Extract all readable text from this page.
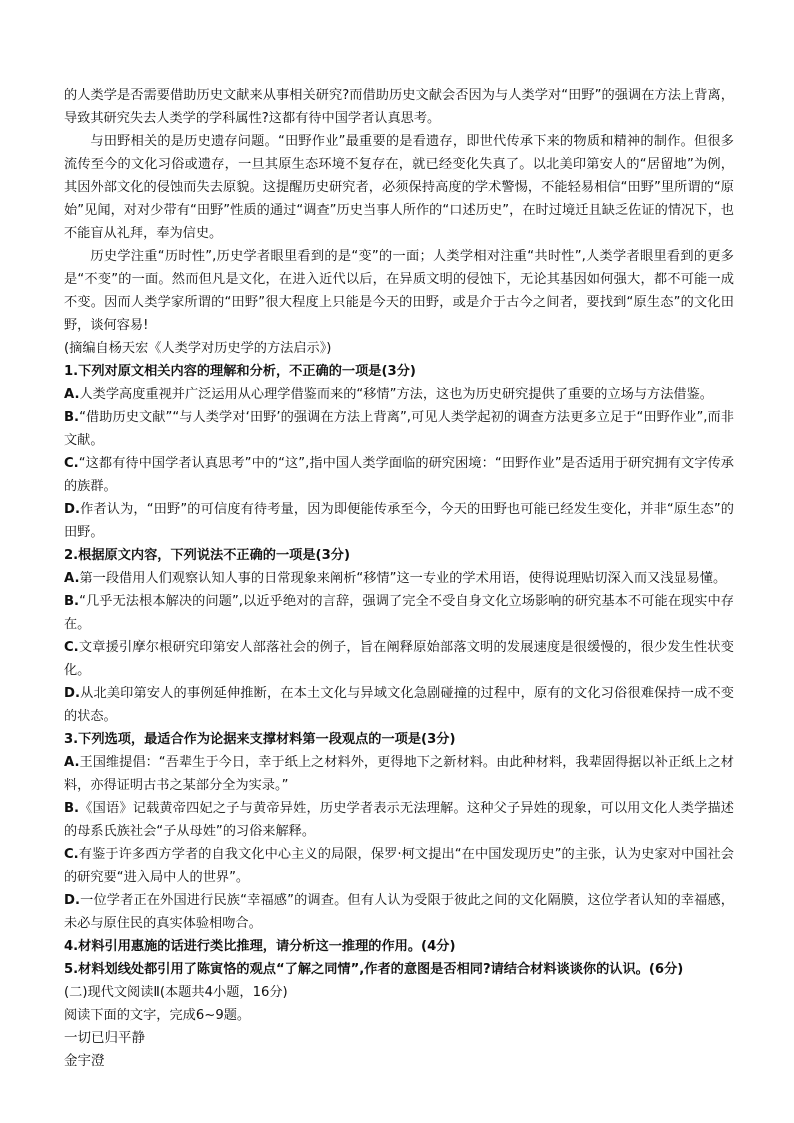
的人类学是否需要借助历史文献来从事相关研究?而借助历史文献会否因为与人类学对“田野”的强调在方法上背离，导致其研究失去人类学的学科属性?这都有待中国学者认真思考。

与田野相关的是历史遗存问题。“田野作业”最重要的是看遗存，即世代传承下来的物质和精神的制作。但很多流传至今的文化习俗或遗存，一旦其原生态环境不复存在，就已经变化失真了。以北美印第安人的“居留地”为例，其因外部文化的侵蚀而失去原貌。这提醒历史研究者，必须保持高度的学术警惕，不能轻易相信“田野”里所谓的“原始”见闻，对对少带有“田野”性质的通过“调查”历史当事人所作的“口述历史”，在时过境迁且缺乏佐证的情况下，也不能盲从礼拜，奉为信史。

历史学注重“历时性”,历史学者眼里看到的是“变”的一面；人类学相对注重“共时性”,人类学者眼里看到的更多是“不变”的一面。然而但凡是文化，在进入近代以后，在异质文明的侵蚀下，无论其基因如何强大，都不可能一成不变。因而人类学家所谓的“田野”很大程度上只能是今天的田野，或是介于古今之间者，要找到“原生态”的文化田野，谈何容易!

(摘编自杨天宏《人类学对历史学的方法启示》)

1.下列对原文相关内容的理解和分析，不正确的一项是(3分)

A.人类学高度重视并广泛运用从心理学借鉴而来的“移情”方法，这也为历史研究提供了重要的立场与方法借鉴。

B.“借助历史文献”“与人类学对‘田野’的强调在方法上背离”,可见人类学起初的调查方法更多立足于“田野作业”,而非文献。

C.“这都有待中国学者认真思考”中的“这”,指中国人类学面临的研究困境：“田野作业”是否适用于研究拥有文字传承的族群。

D.作者认为，“田野”的可信度有待考量，因为即便能传承至今，今天的田野也可能已经发生变化，并非“原生态”的田野。

2.根据原文内容，下列说法不正确的一项是(3分)

A.第一段借用人们观察认知人事的日常现象来阐析“移情”这一专业的学术用语，使得说理贴切深入而又浅显易懂。

B.“几乎无法根本解决的问题”,以近乎绝对的言辞，强调了完全不受自身文化立场影响的研究基本不可能在现实中存在。

C.文章援引摩尔根研究印第安人部落社会的例子，旨在阐释原始部落文明的发展速度是很缓慢的，很少发生性状变化。

D.从北美印第安人的事例延伸推断，在本土文化与异域文化急剧碰撞的过程中，原有的文化习俗很难保持一成不变的状态。

3.下列选项，最适合作为论据来支撑材料第一段观点的一项是(3分)

A.王国维提倡：“吾辈生于今日，幸于纸上之材料外，更得地下之新材料。由此种材料，我辈固得据以补正纸上之材料，亦得证明古书之某部分全为实录。”

B.《国语》记载黄帝四妃之子与黄帝异姓，历史学者表示无法理解。这种父子异姓的现象，可以用文化人类学描述的母系氏族社会“子从母姓”的习俗来解释。

C.有鉴于许多西方学者的自我文化中心主义的局限，保罗·柯文提出“在中国发现历史”的主张，认为史家对中国社会的研究要“进入局中人的世界”。

D.一位学者正在外国进行民族“幸福感”的调查。但有人认为受限于彼此之间的文化隔膜，这位学者认知的幸福感，未必与原住民的真实体验相吻合。

4.材料引用惠施的话进行类比推理，请分析这一推理的作用。(4分)

5.材料划线处都引用了陈寅恪的观点“了解之同情”,作者的意图是否相同?请结合材料谈谈你的认识。(6分)

(二)现代文阅读Ⅱ(本题共4小题，16分)

阅读下面的文字，完成6~9题。

一切已归平静

金宇澄
